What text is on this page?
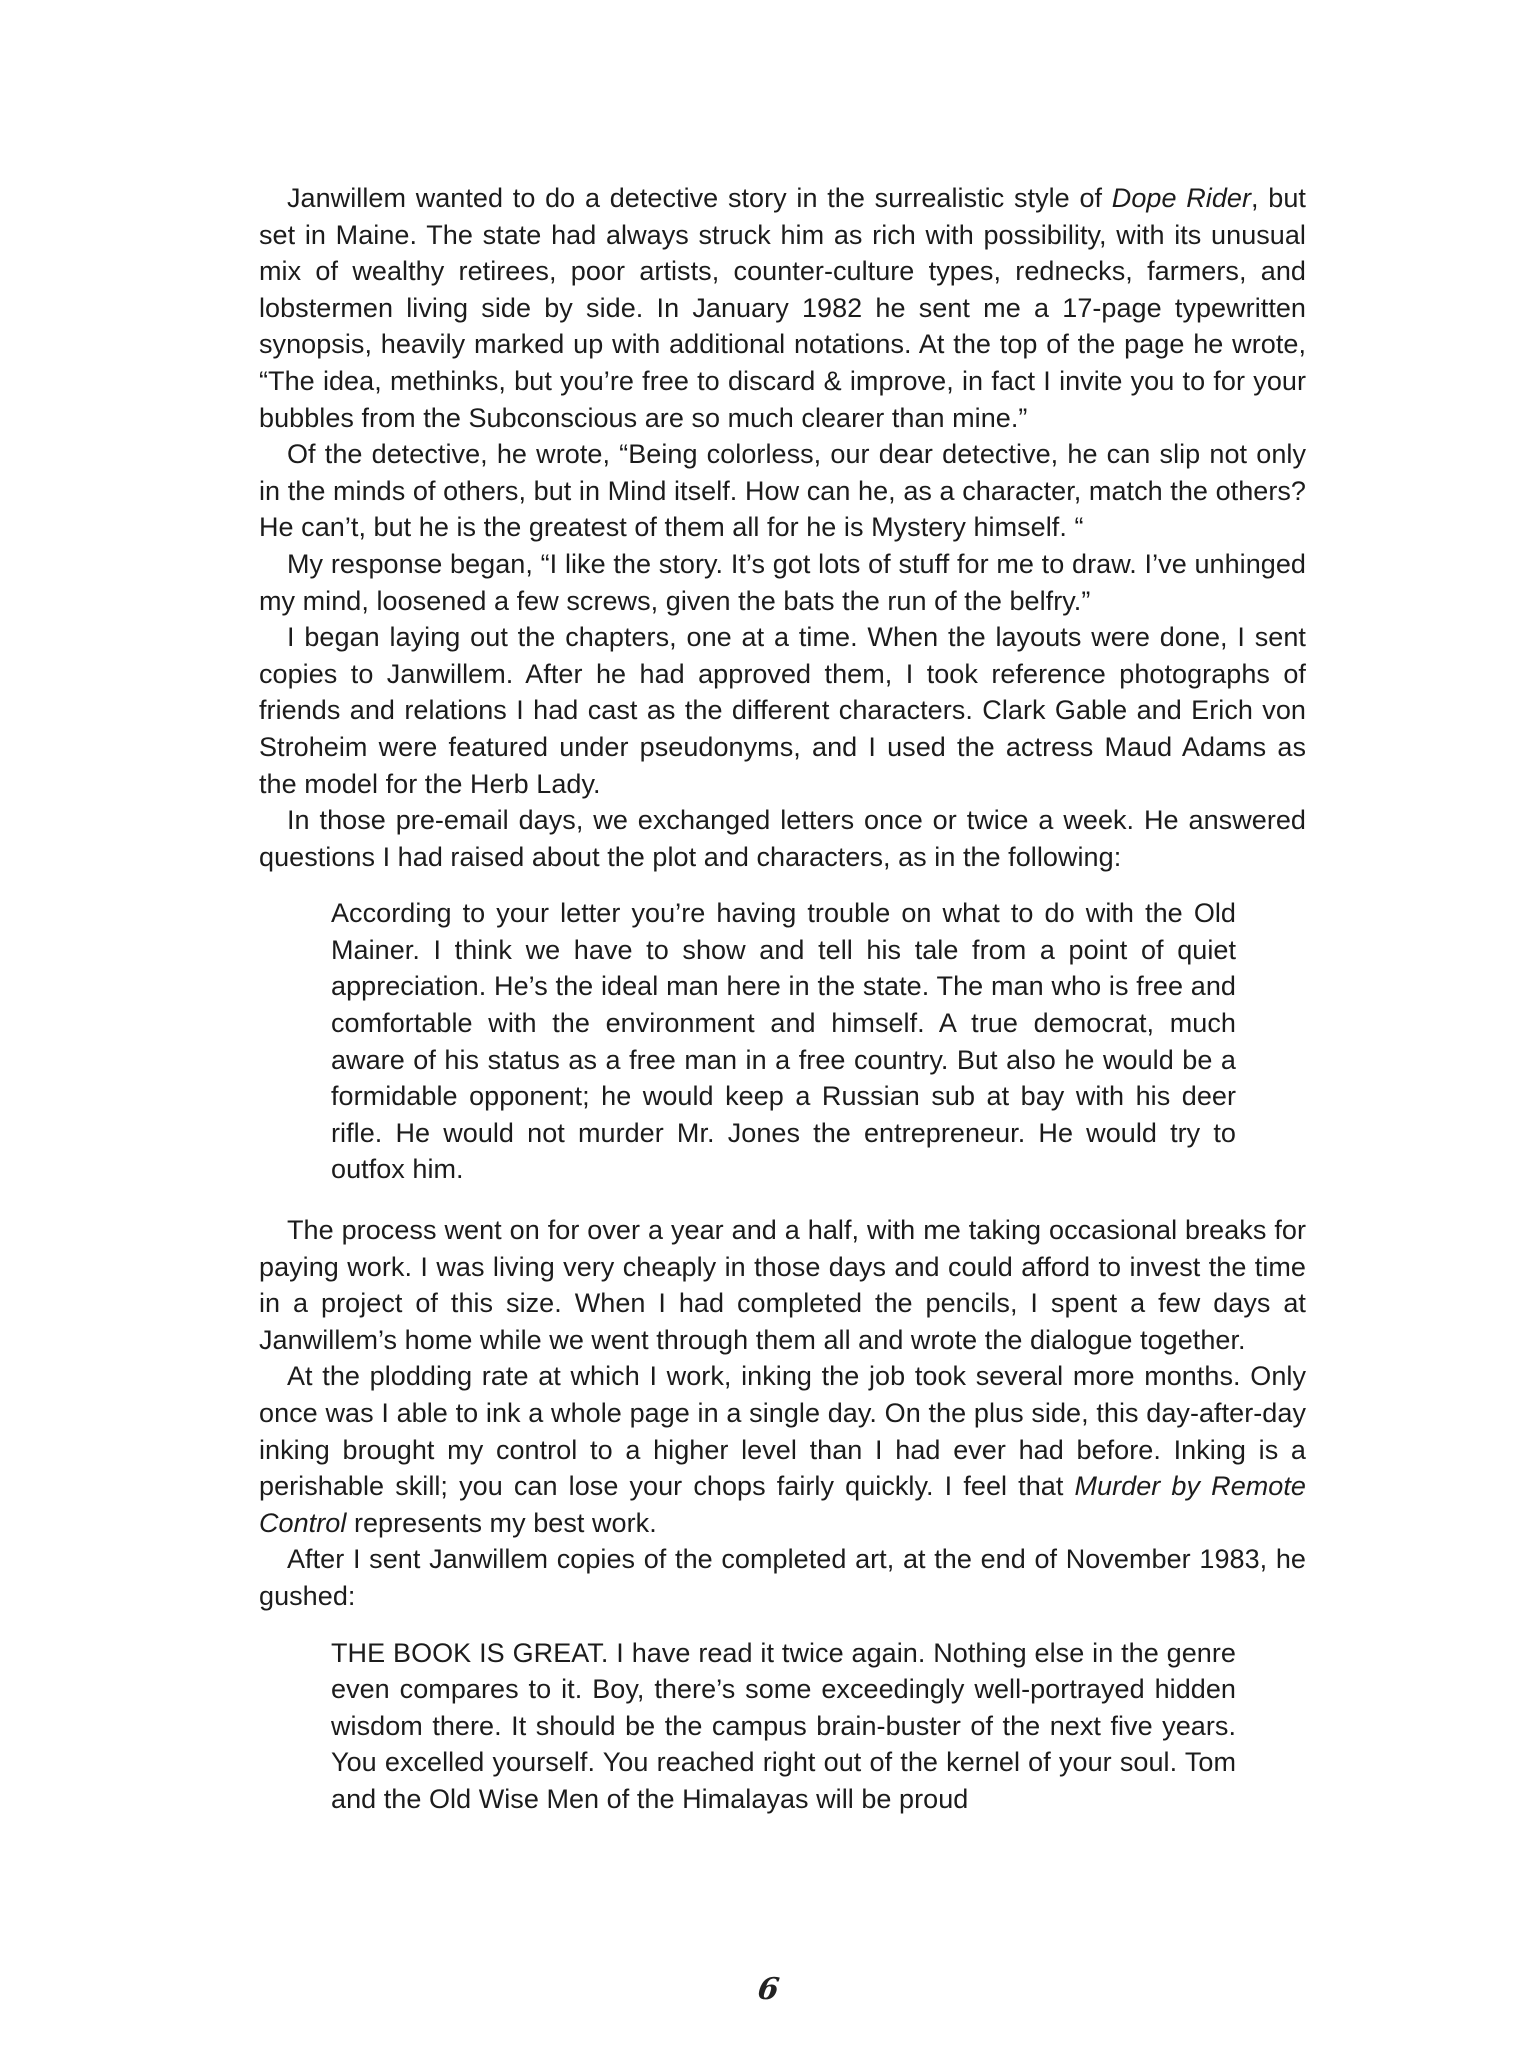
Janwillem wanted to do a detective story in the surrealistic style of Dope Rider, but set in Maine. The state had always struck him as rich with possibility, with its unusual mix of wealthy retirees, poor artists, counter-culture types, rednecks, farmers, and lobstermen living side by side. In January 1982 he sent me a 17-page typewritten synopsis, heavily marked up with additional notations. At the top of the page he wrote, “The idea, methinks, but you’re free to discard & improve, in fact I invite you to for your bubbles from the Subconscious are so much clearer than mine.”

Of the detective, he wrote, “Being colorless, our dear detective, he can slip not only in the minds of others, but in Mind itself. How can he, as a character, match the others? He can’t, but he is the greatest of them all for he is Mystery himself. “

My response began, “I like the story. It’s got lots of stuff for me to draw. I’ve unhinged my mind, loosened a few screws, given the bats the run of the belfry.”

I began laying out the chapters, one at a time. When the layouts were done, I sent copies to Janwillem. After he had approved them, I took reference photographs of friends and relations I had cast as the different characters. Clark Gable and Erich von Stroheim were featured under pseudonyms, and I used the actress Maud Adams as the model for the Herb Lady.

In those pre-email days, we exchanged letters once or twice a week. He answered questions I had raised about the plot and characters, as in the following:

According to your letter you’re having trouble on what to do with the Old Mainer. I think we have to show and tell his tale from a point of quiet appreciation. He’s the ideal man here in the state. The man who is free and comfortable with the environment and himself. A true democrat, much aware of his status as a free man in a free country. But also he would be a formidable opponent; he would keep a Russian sub at bay with his deer rifle. He would not murder Mr. Jones the entrepreneur. He would try to outfox him.

The process went on for over a year and a half, with me taking occasional breaks for paying work. I was living very cheaply in those days and could afford to invest the time in a project of this size. When I had completed the pencils, I spent a few days at Janwillem’s home while we went through them all and wrote the dialogue together.

At the plodding rate at which I work, inking the job took several more months. Only once was I able to ink a whole page in a single day. On the plus side, this day-after-day inking brought my control to a higher level than I had ever had before. Inking is a perishable skill; you can lose your chops fairly quickly. I feel that Murder by Remote Control represents my best work.

After I sent Janwillem copies of the completed art, at the end of November 1983, he gushed:

THE BOOK IS GREAT. I have read it twice again. Nothing else in the genre even compares to it. Boy, there’s some exceedingly well-portrayed hidden wisdom there. It should be the campus brain-buster of the next five years. You excelled yourself. You reached right out of the kernel of your soul. Tom and the Old Wise Men of the Himalayas will be proud

6
